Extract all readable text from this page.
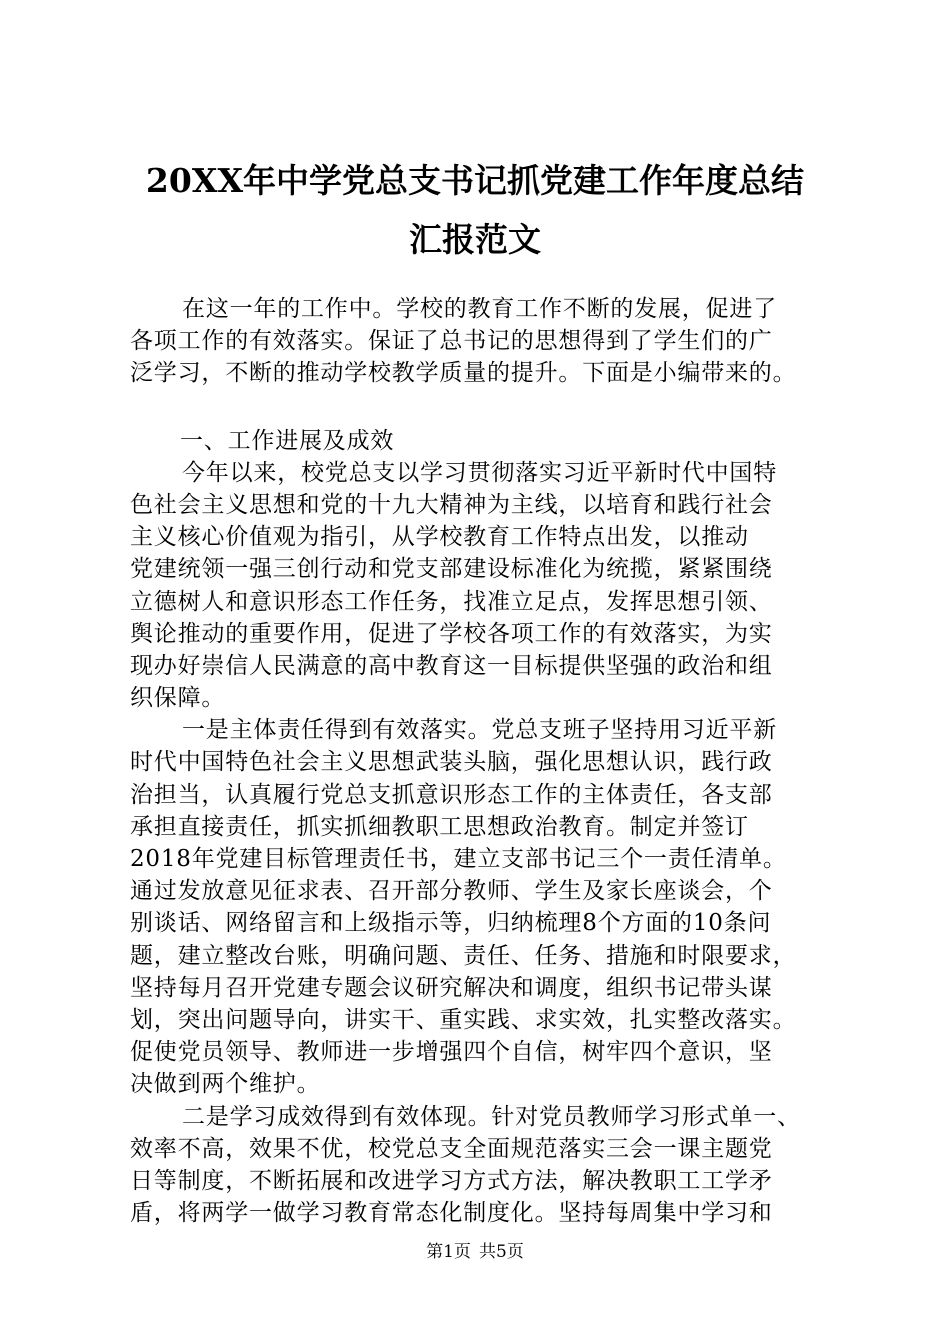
20XX年中学党总支书记抓党建工作年度总结
汇报范文
在这一年的工作中。学校的教育工作不断的发展，促进了
各项工作的有效落实。保证了总书记的思想得到了学生们的广
泛学习，不断的推动学校教学质量的提升。下面是小编带来的。
一、工作进展及成效
今年以来，校党总支以学习贯彻落实习近平新时代中国特
色社会主义思想和党的十九大精神为主线，以培育和践行社会
主义核心价值观为指引，从学校教育工作特点出发，以推动
党建统领一强三创行动和党支部建设标准化为统揽，紧紧围绕
立德树人和意识形态工作任务，找准立足点，发挥思想引领、
舆论推动的重要作用，促进了学校各项工作的有效落实，为实
现办好崇信人民满意的高中教育这一目标提供坚强的政治和组
织保障。
一是主体责任得到有效落实。党总支班子坚持用习近平新
时代中国特色社会主义思想武装头脑，强化思想认识，践行政
治担当，认真履行党总支抓意识形态工作的主体责任，各支部
承担直接责任，抓实抓细教职工思想政治教育。制定并签订
2018年党建目标管理责任书，建立支部书记三个一责任清单。
通过发放意见征求表、召开部分教师、学生及家长座谈会，个
别谈话、网络留言和上级指示等，归纳梳理8个方面的10条问
题，建立整改台账，明确问题、责任、任务、措施和时限要求，
坚持每月召开党建专题会议研究解决和调度，组织书记带头谋
划，突出问题导向，讲实干、重实践、求实效，扎实整改落实。
促使党员领导、教师进一步增强四个自信，树牢四个意识，坚
决做到两个维护。
二是学习成效得到有效体现。针对党员教师学习形式单一、
效率不高，效果不优，校党总支全面规范落实三会一课主题党
日等制度，不断拓展和改进学习方式方法，解决教职工工学矛
盾，将两学一做学习教育常态化制度化。坚持每周集中学习和
第1页 共5页
